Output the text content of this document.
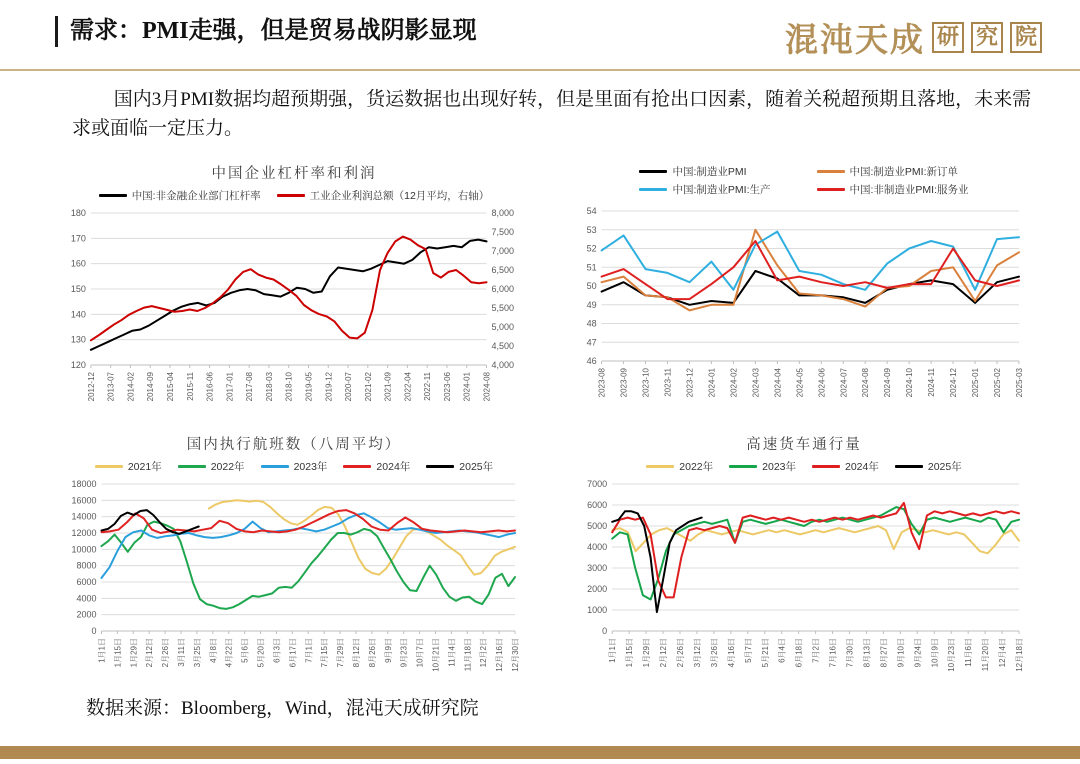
需求：PMI走强，但是贸易战阴影显现	混沌天成 研 究 院

国内3月PMI数据均超预期强，货运数据也出现好转，但是里面有抢出口因素，随着关税超预期且落地，未来需求或面临一定压力。

中国企业杠杆率和利润
中国:非金融企业部门杠杆率	工业企业利润总额（12月平均，右轴）
120
130
140
150
160
170
180
4,000
4,500
5,000
5,500
6,000
6,500
7,000
7,500
8,000
2012-12 2013-07 2014-02 2014-09 2015-04 2015-11 2016-06 2017-01 2017-08 2018-03 2018-10 2019-05 2019-12 2020-07 2021-02 2021-09 2022-04 2022-11 2023-06 2024-01 2024-08
中国:制造业PMI	中国:制造业PMI:新订单
中国:制造业PMI:生产	中国:非制造业PMI:服务业
46
47
48
49
50
51
52
53
54
2023-08 2023-09 2023-10 2023-11 2023-12 2024-01 2024-02 2024-03 2024-04 2024-05 2024-06 2024-07 2024-08 2024-09 2024-10 2024-11 2024-12 2025-01 2025-02 2025-03
国内执行航班数（八周平均）
2021年	2022年	2023年	2024年	2025年
0
2000
4000
6000
8000
10000
12000
14000
16000
18000
1月1日 1月15日 1月29日 2月12日 2月26日 3月11日 3月25日 4月8日 4月22日 5月6日 5月20日 6月3日 6月17日 7月1日 7月15日 7月29日 8月12日 8月26日 9月9日 9月23日 10月7日 10月21日 11月4日 11月18日 12月2日 12月16日 12月30日
高速货车通行量
2022年	2023年	2024年	2025年
0
1000
2000
3000
4000
5000
6000
7000
1月1日 1月15日 1月29日 2月12日 2月26日 3月12日 3月26日 4月16日 5月7日 5月21日 6月4日 6月18日 7月2日 7月16日 7月30日 8月13日 8月27日 9月10日 9月24日 10月9日 10月23日 11月6日 11月20日 12月4日 12月18日
数据来源：Bloomberg，Wind，混沌天成研究院
